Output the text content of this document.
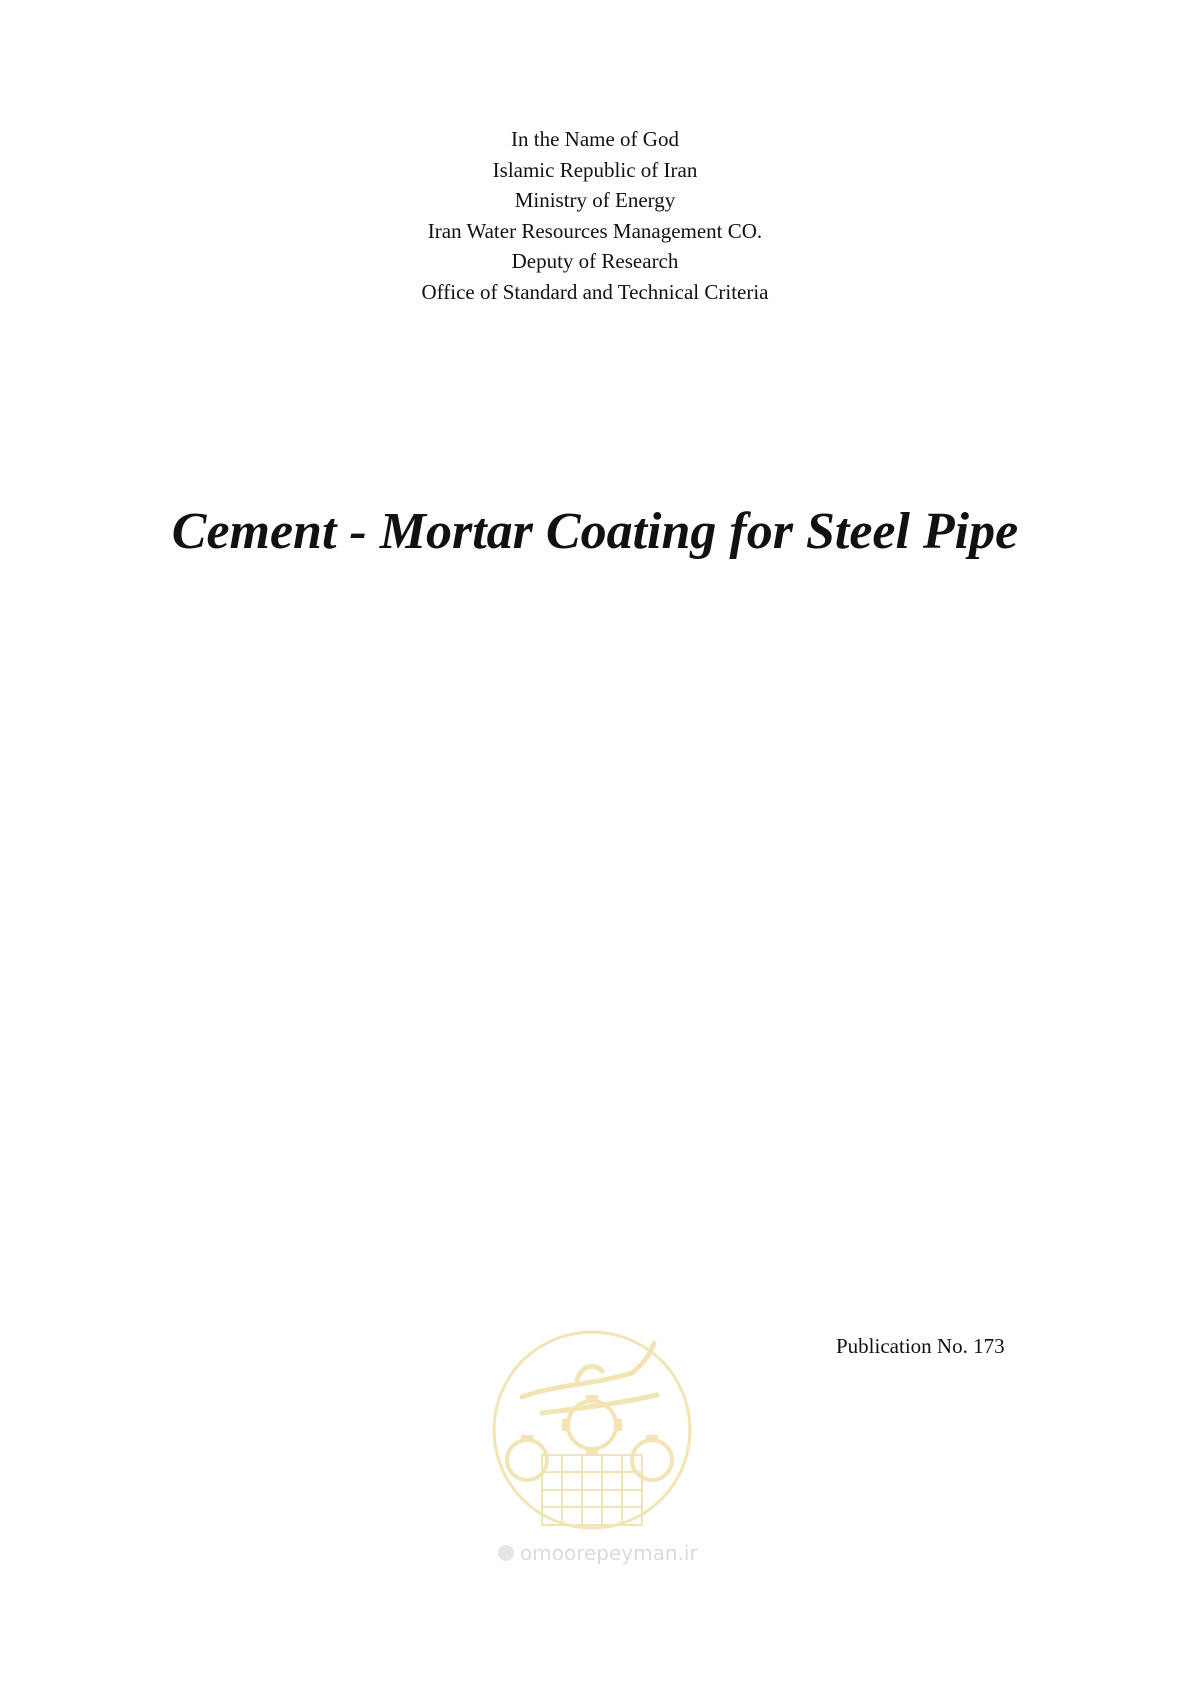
In the Name of God
Islamic Republic of Iran
Ministry of Energy
Iran Water Resources Management CO.
Deputy of Research
Office of Standard and Technical Criteria
Cement - Mortar Coating for Steel Pipe
Publication No. 173
omoorepeyman.ir
